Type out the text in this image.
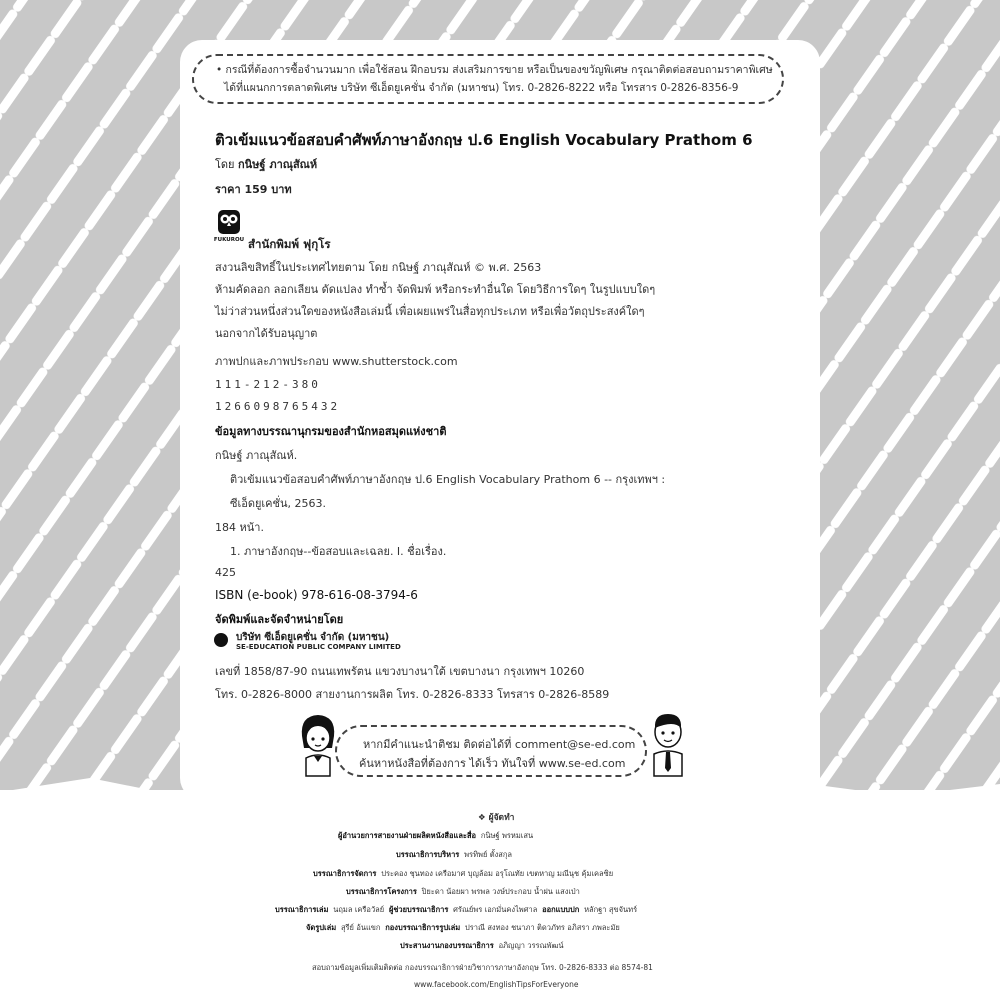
• กรณีที่ต้องการซื้อจำนวนมาก เพื่อใช้สอน ฝึกอบรม ส่งเสริมการขาย หรือเป็นของขวัญพิเศษ กรุณาติดต่อสอบถามราคาพิเศษ

ได้ที่แผนกการตลาดพิเศษ บริษัท ซีเอ็ดยูเคชั่น จำกัด (มหาชน) โทร. 0-2826-8222 หรือ โทรสาร 0-2826-8356-9

ติวเข้มแนวข้อสอบคำศัพท์ภาษาอังกฤษ ป.6 English Vocabulary Prathom 6
โดย กนิษฐ์ ภาณุสัณห์
ราคา 159 บาท
FUKUROU สำนักพิมพ์ ฟุกุโร
สงวนลิขสิทธิ์ในประเทศไทยตาม โดย กนิษฐ์ ภาณุสัณห์ © พ.ศ. 2563
ห้ามคัดลอก ลอกเลียน ดัดแปลง ทำซ้ำ จัดพิมพ์ หรือกระทำอื่นใด โดยวิธีการใดๆ ในรูปแบบใดๆ
ไม่ว่าส่วนหนึ่งส่วนใดของหนังสือเล่มนี้ เพื่อเผยแพร่ในสื่อทุกประเภท หรือเพื่อวัตถุประสงค์ใดๆ
นอกจากได้รับอนุญาต
ภาพปกและภาพประกอบ www.shutterstock.com
111-212-380
1266098765432
ข้อมูลทางบรรณานุกรมของสำนักหอสมุดแห่งชาติ
กนิษฐ์ ภาณุสัณห์.
ติวเข้มแนวข้อสอบคำศัพท์ภาษาอังกฤษ ป.6 English Vocabulary Prathom 6 -- กรุงเทพฯ :
ซีเอ็ดยูเคชั่น, 2563.
184 หน้า.
1. ภาษาอังกฤษ--ข้อสอบและเฉลย. I. ชื่อเรื่อง.
425
ISBN (e-book) 978-616-08-3794-6
จัดพิมพ์และจัดจำหน่ายโดย
บริษัท ซีเอ็ดยูเคชั่น จำกัด (มหาชน)
SE-EDUCATION PUBLIC COMPANY LIMITED
เลขที่ 1858/87-90 ถนนเทพรัตน แขวงบางนาใต้ เขตบางนา กรุงเทพฯ 10260
โทร. 0-2826-8000 สายงานการผลิต โทร. 0-2826-8333 โทรสาร 0-2826-8589
หากมีคำแนะนำติชม ติดต่อได้ที่ comment@se-ed.com
ค้นหาหนังสือที่ต้องการ ได้เร็ว ทันใจที่ www.se-ed.com
❖ ผู้จัดทำ
ผู้อำนวยการสายงานฝ่ายผลิตหนังสือและสื่อ กนิษฐ์ พรหมเสน
บรรณาธิการบริหาร พรทิพย์ ตั้งสกุล
บรรณาธิการจัดการ ประคอง ชุนทอง เครือมาศ บุญล้อม อรุโณทัย เขตหาญ มณีนุช คุ้มเคลซิย
บรรณาธิการโครงการ ปิยะดา น้อยผา พรพล วงษ์ประกอบ น้ำฝน แสงเป่า
บรรณาธิการเล่ม นฤมล เครือวัลย์ ผู้ช่วยบรรณาธิการ ศรัณย์พร เอกมั่นคงไพศาล ออกแบบปก หลักฐา สุขจันทร์
จัดรูปเล่ม สุรีย์ อ้นแขก กองบรรณาธิการรูปเล่ม ปราณี สงทอง ชนาภา ติดวภัทร อภิสรา ภพละมัย
ประสานงานกองบรรณาธิการ อภิญญา วรรณพัฒน์
สอบถามข้อมูลเพิ่มเติมติดต่อ กองบรรณาธิการฝ่ายวิชาการภาษาอังกฤษ โทร. 0-2826-8333 ต่อ 8574-81
www.facebook.com/EnglishTipsForEveryone
